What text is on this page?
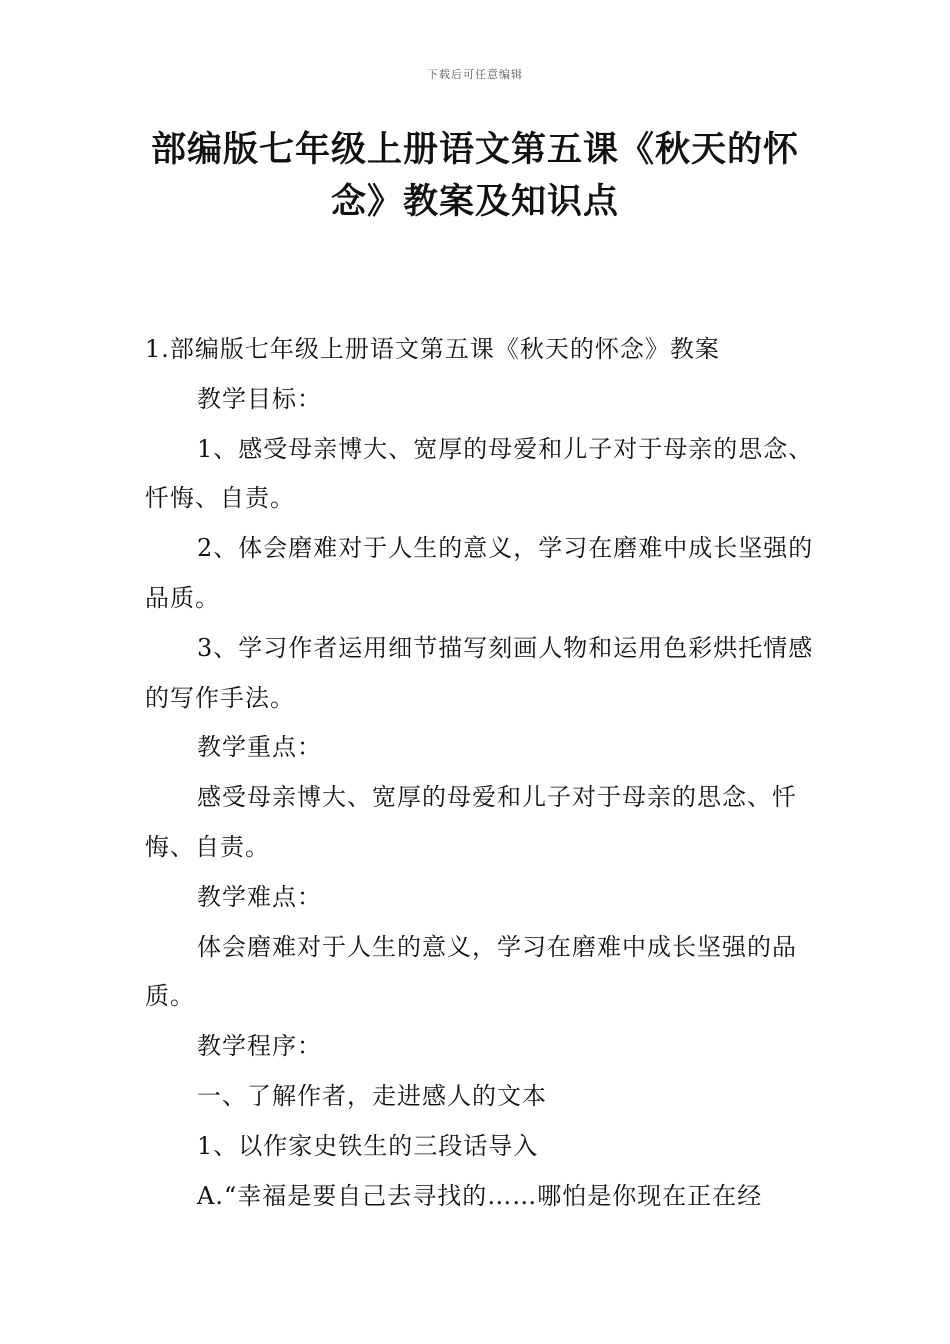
下载后可任意编辑
部编版七年级上册语文第五课《秋天的怀
念》教案及知识点

1.部编版七年级上册语文第五课《秋天的怀念》教案

教学目标：

1、感受母亲博大、宽厚的母爱和儿子对于母亲的思念、忏悔、自责。

2、体会磨难对于人生的意义，学习在磨难中成长坚强的品质。

3、学习作者运用细节描写刻画人物和运用色彩烘托情感的写作手法。

教学重点：

感受母亲博大、宽厚的母爱和儿子对于母亲的思念、忏悔、自责。

教学难点：

体会磨难对于人生的意义，学习在磨难中成长坚强的品质。

教学程序：

一、了解作者，走进感人的文本

1、以作家史铁生的三段话导入

A.“幸福是要自己去寻找的……哪怕是你现在正在经
